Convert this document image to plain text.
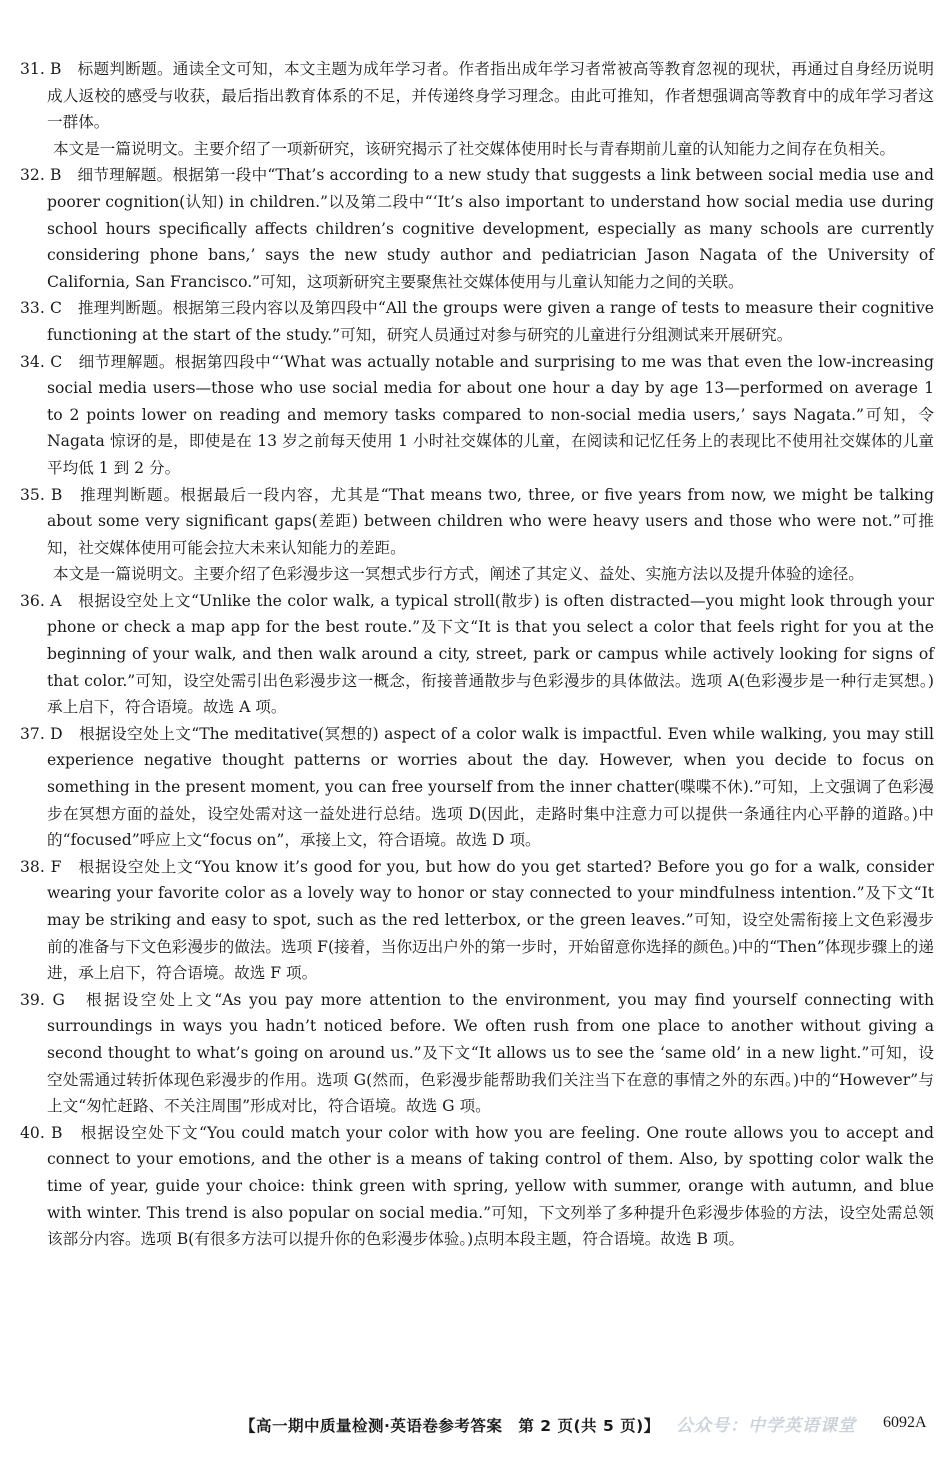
31. B　标题判断题。通读全文可知，本文主题为成年学习者。作者指出成年学习者常被高等教育忽视的现状，再通过自身经历说明成人返校的感受与收获，最后指出教育体系的不足，并传递终身学习理念。由此可推知，作者想强调高等教育中的成年学习者这一群体。

本文是一篇说明文。主要介绍了一项新研究，该研究揭示了社交媒体使用时长与青春期前儿童的认知能力之间存在负相关。

32. B　细节理解题。根据第一段中“That’s according to a new study that suggests a link between social media use and poorer cognition(认知) in children.”以及第二段中“‘It’s also important to understand how social media use during school hours specifically affects children’s cognitive development, especially as many schools are currently considering phone bans,’ says the new study author and pediatrician Jason Nagata of the University of California, San Francisco.”可知，这项新研究主要聚焦社交媒体使用与儿童认知能力之间的关联。

33. C　推理判断题。根据第三段内容以及第四段中“All the groups were given a range of tests to measure their cognitive functioning at the start of the study.”可知，研究人员通过对参与研究的儿童进行分组测试来开展研究。

34. C　细节理解题。根据第四段中“‘What was actually notable and surprising to me was that even the low-increasing social media users—those who use social media for about one hour a day by age 13—performed on average 1 to 2 points lower on reading and memory tasks compared to non-social media users,’ says Nagata.”可知，令 Nagata 惊讶的是，即使是在 13 岁之前每天使用 1 小时社交媒体的儿童，在阅读和记忆任务上的表现比不使用社交媒体的儿童平均低 1 到 2 分。

35. B　推理判断题。根据最后一段内容，尤其是“That means two, three, or five years from now, we might be talking about some very significant gaps(差距) between children who were heavy users and those who were not.”可推知，社交媒体使用可能会拉大未来认知能力的差距。

本文是一篇说明文。主要介绍了色彩漫步这一冥想式步行方式，阐述了其定义、益处、实施方法以及提升体验的途径。

36. A　根据设空处上文“Unlike the color walk, a typical stroll(散步) is often distracted—you might look through your phone or check a map app for the best route.”及下文“It is that you select a color that feels right for you at the beginning of your walk, and then walk around a city, street, park or campus while actively looking for signs of that color.”可知，设空处需引出色彩漫步这一概念，衔接普通散步与色彩漫步的具体做法。选项 A(色彩漫步是一种行走冥想。)承上启下，符合语境。故选 A 项。

37. D　根据设空处上文“The meditative(冥想的) aspect of a color walk is impactful. Even while walking, you may still experience negative thought patterns or worries about the day. However, when you decide to focus on something in the present moment, you can free yourself from the inner chatter(喋喋不休).”可知，上文强调了色彩漫步在冥想方面的益处，设空处需对这一益处进行总结。选项 D(因此，走路时集中注意力可以提供一条通往内心平静的道路。)中的“focused”呼应上文“focus on”，承接上文，符合语境。故选 D 项。

38. F　根据设空处上文“You know it’s good for you, but how do you get started? Before you go for a walk, consider wearing your favorite color as a lovely way to honor or stay connected to your mindfulness intention.”及下文“It may be striking and easy to spot, such as the red letterbox, or the green leaves.”可知，设空处需衔接上文色彩漫步前的准备与下文色彩漫步的做法。选项 F(接着，当你迈出户外的第一步时，开始留意你选择的颜色。)中的“Then”体现步骤上的递进，承上启下，符合语境。故选 F 项。

39. G　根据设空处上文“As you pay more attention to the environment, you may find yourself connecting with surroundings in ways you hadn’t noticed before. We often rush from one place to another without giving a second thought to what’s going on around us.”及下文“It allows us to see the ‘same old’ in a new light.”可知，设空处需通过转折体现色彩漫步的作用。选项 G(然而，色彩漫步能帮助我们关注当下在意的事情之外的东西。)中的“However”与上文“匆忙赶路、不关注周围”形成对比，符合语境。故选 G 项。

40. B　根据设空处下文“You could match your color with how you are feeling. One route allows you to accept and connect to your emotions, and the other is a means of taking control of them. Also, by spotting color walk the time of year, guide your choice: think green with spring, yellow with summer, orange with autumn, and blue with winter. This trend is also popular on social media.”可知，下文列举了多种提升色彩漫步体验的方法，设空处需总领该部分内容。选项 B(有很多方法可以提升你的色彩漫步体验。)点明本段主题，符合语境。故选 B 项。

【高一期中质量检测·英语卷参考答案　第 2 页(共 5 页)】 公众号：中学英语课堂 6092A
